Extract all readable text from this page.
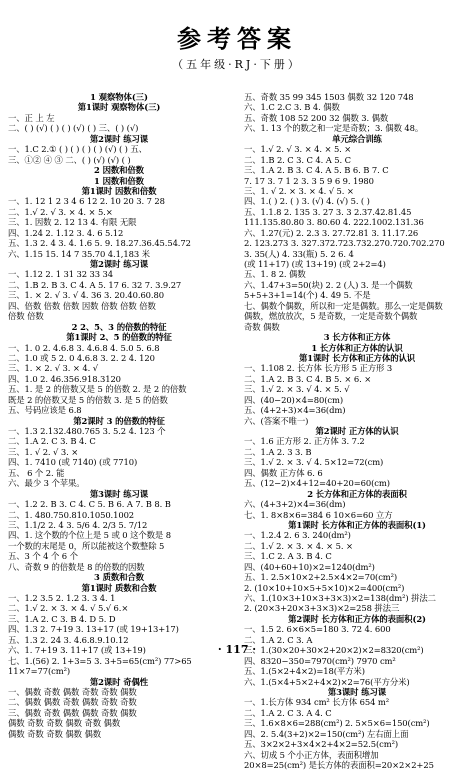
参考答案
（五年级·RJ·下册）
1 观察物体(三)
第1课时 观察物体(三)
一、正 上 左
二、( ) (√) ( ) ( ) (√) ( ) 三、( ) (√)
第2课时 练习课
一、1.C 2.① ( ) ( ) ( ) ( ) (√) ( ) 五、
三、①② ④ ③ 二、( ) (√) (√) ( )
2 因数和倍数
1 因数和倍数
第1课时 因数和倍数
一、1. 12 1 2 3 4 6 12 2. 10 20 3. 7 28
二、1.√ 2. √ 3. × 4. × 5.×
三、1. 因数 2. 12 13 4. 有限 无限
四、1.24 2. 1.12 3. 4. 6 5.12
五、1.3 2. 4 3. 4. 1.6 5. 9. 18.27.36.45.54.72
六、1.15 15. 14 7 35.70 4.1,183 米
第2课时 练习课
一、1.12 2. 1 31 32 33 34
二、1.B 2. B 3. C 4. A 5. 17 6. 32 7. 3.9.27
三、1. × 2. √ 3. √ 4. 36 3. 20.40.60.80
四、倍数 倍数 倍数 因数 倍数 倍数 倍数
倍数 倍数
2 2、5、3 的倍数的特征
第1课时 2、5 的倍数的特征
一、1. 0 2. 4.6.8 3. 4.6.8 4. 5.0 5. 6.8
二、1.0 或 5 2. 0 4.6.8 3. 2. 2 4. 120
三、1. × 2. √ 3. × 4. √
四、1.0 2. 46.356.918.3120
五、1. 是 2 的倍数又是 5 的倍数 2. 是 2 的倍数
既是 2 的倍数又是 5 的倍数 3. 是 5 的倍数
五、号码应该是 6.8
第2课时 3 的倍数的特征
一、1.3 2.132.480.765 3. 5.2 4. 123 个
二、1.A 2. C 3. B 4. C
三、1. √ 2. √ 3. ×
四、1. 7410 (或 7140) (或 7710)
五、 6 个 2. 能
六、最少 3 个苹果。
第3课时 练习课
一、1.2 2. B 3. C 4. C 5. B 6. A 7. B 8. B
二、1. 480.750.810.1050.1002
三、1.1/2 2. 4 3. 5/6 4. 2/3 5. 7/12
四、1. 这个数的个位上是 5 或 0 这个数是 8
一个数的末尾是 0，所以能被这个数整除 5
五、3 个 4 个 6 个
八、奇数 9 的倍数是 8 的倍数的因数
3 质数和合数
第1课时 质数和合数
一、1.2 3.5 2. 1.2 3. 3 4. 1
二、1.√ 2. × 3. × 4. √ 5.√ 6.×
三、1.A 2. C 3. B 4. D 5. D
四、1.3 2. 7+19 3. 13+17 (或 19+13+17)
五、1.3 2. 24 3. 4.6.8.9.10.12
六、1. 7+19 3. 11+17 (或 13+19)
七、1.(56) 2. 1+3=5 3. 3+5=65(cm²) 77>65
11×7=77(cm²)
第2课时 奇偶性
一、偶数 奇数 偶数 奇数 奇数 偶数
二、偶数 偶数 奇数 偶数 奇数 奇数
三、偶数 奇数 偶数 偶数 奇数 偶数
偶数 奇数 奇数 偶数 奇数 偶数
偶数 奇数 奇数 偶数 偶数
五、奇数 35 99 345 1503 偶数 32 120 748
六、1.C 2.C 3. B 4. 偶数
五、奇数 108 52 200 32 偶数 3. 偶数
六、1. 13 个的数之和一定是奇数；3. 偶数 48。
单元综合训练
一、1.√ 2. √ 3. × 4. × 5. ×
二、1.B 2. C 3. C 4. A 5. C
三、1.A 2. B 3. C 4. A 5. B 6. B 7. C
7. 17 3. 7 1 2 3. 3 5 9 6 9. 1980
三、1. √ 2. × 3. × 4. √ 5. ×
四、1.( ) 2. ( ) 3. (√) 4. (√) 5. ( )
五、1.1.8 2. 135 3. 27 3. 3 2.37.42.81.45
111.135.80.80 3. 80.60 4. 222.1002.131.36
六、1.27(元) 2. 2.3 3. 27.72.81 3. 11.17.26
2. 123.273 3. 327.372.723.732.270.720.702.270
3. 35(人) 4. 33(瓶) 5. 2 6. 4
(或 11+17) (或 13+19) (或 2+2=4)
五、1. 8 2. 偶数
六、1.47+3=50(块) 2. 2 (人) 3. 是一个偶数
5+5+3+1=14(个) 4. 49 5. 不是
七、偶数个偶数，所以和一定是偶数。那么一定是偶数
偶数，燃放放次，5 是奇数，一定是奇数个偶数
奇数 偶数
3 长方体和正方体
1 长方体和正方体的认识
第1课时 长方体和正方体的认识
一、1.108 2. 长方体 长方形 5 正方形 3
二、1.A 2. B 3. C 4. B 5. × 6. ×
三、1.√ 2. × 3. √ 4. × 5. √
四、(40−20)×4=80(cm)
五、(4+2+3)×4=36(dm)
六、(答案不唯一)
第2课时 正方体的认识
一、1.6 正方形 2. 正方体 3. 7.2
二、1.A 2. 3 3. B
三、1.√ 2. × 3. √ 4. 5×12=72(cm)
四、偶数 正方体 6. 6
五、(12−2)×4+12=40+20=60(cm)
2 长方体和正方体的表面积
六、(4+3+2)×4=36(dm)
七、1. 8×8×6=384 6 10×6=60 立方
第1课时 长方体和正方体的表面积(1)
一、1.2.4 2. 6 3. 240(dm²)
二、1.√ 2. × 3. × 4. × 5. ×
三、1.C 2. A 3. B 4. C
四、(40+60+10)×2=1240(dm²)
五、1. 2.5×10×2+2.5×4×2=70(cm²)
2. (10×10+10×5+5×10)×2=400(cm²)
六、1.(10×3+10×3+3×3)×2=138(dm²) 拼法二
2. (20×3+20×3+3×3)×2=258 拼法三
第2课时 长方体和正方体的表面积(2)
一、1.5 2. 6×6×5=180 3. 72 4. 600
二、1.A 2. C 3. A
三、1.(30×20+30×2+20×2)×2=8320(cm²)
四、8320−350=7970(cm²) 7970 cm²
五、1.(5×2+4×2)=18(平方米)
六、1.(5×4+5×2+4×2)×2=76(平方分米)
第3课时 练习课
一、1.长方体 934 cm² 长方体 654 m²
二、1.A 2. C 3. A 4. C
三、1.6×8×6=288(cm²) 2. 5×5×6=150(cm²)
四、2. 5.4(3+2)×2=150(cm²) 左右面上面
五、3×2×2+3×4×2+4×2=52.5(cm²)
六、切成 5 个小正方体，表面积增加
20×8=25(cm²) 是长方体的表面积=20×2×2+25
· 117 ·
